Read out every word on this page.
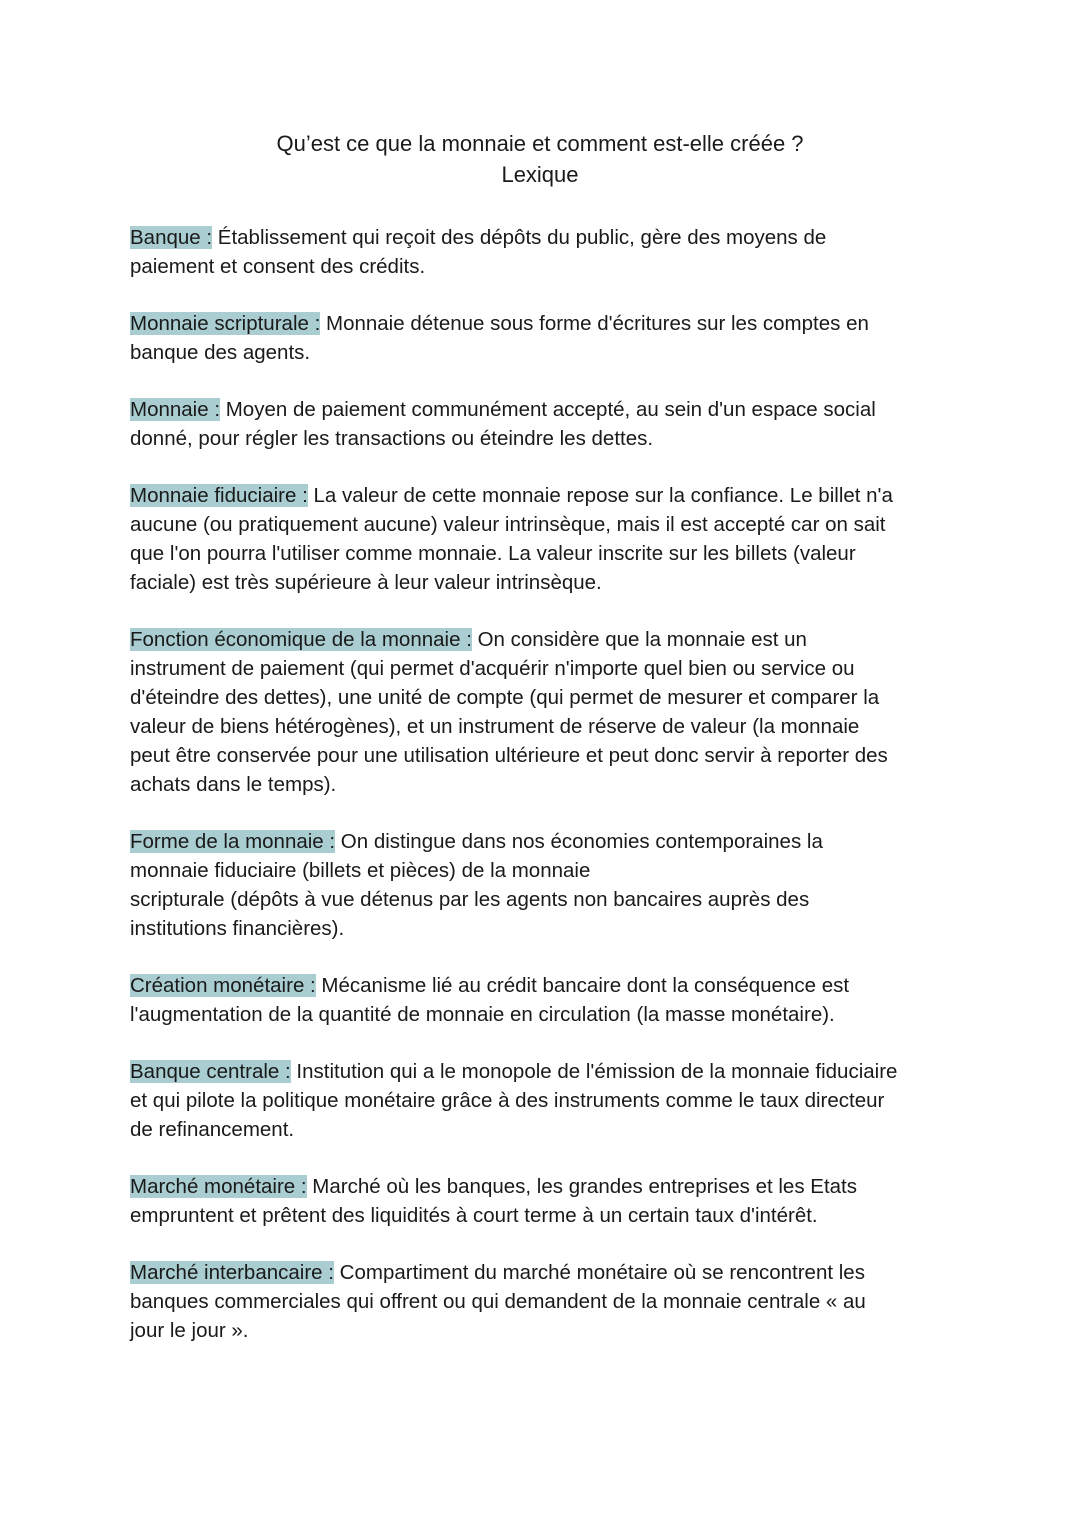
Qu’est ce que la monnaie et comment est-elle créée ?
Lexique

Banque : Établissement qui reçoit des dépôts du public, gère des moyens de
paiement et consent des crédits.

Monnaie scripturale : Monnaie détenue sous forme d'écritures sur les comptes en
banque des agents.

Monnaie : Moyen de paiement communément accepté, au sein d'un espace social
donné, pour régler les transactions ou éteindre les dettes.

Monnaie fiduciaire : La valeur de cette monnaie repose sur la confiance. Le billet n'a
aucune (ou pratiquement aucune) valeur intrinsèque, mais il est accepté car on sait
que l'on pourra l'utiliser comme monnaie. La valeur inscrite sur les billets (valeur
faciale) est très supérieure à leur valeur intrinsèque.

Fonction économique de la monnaie : On considère que la monnaie est un
instrument de paiement (qui permet d'acquérir n'importe quel bien ou service ou
d'éteindre des dettes), une unité de compte (qui permet de mesurer et comparer la
valeur de biens hétérogènes), et un instrument de réserve de valeur (la monnaie
peut être conservée pour une utilisation ultérieure et peut donc servir à reporter des
achats dans le temps).

Forme de la monnaie : On distingue dans nos économies contemporaines la
monnaie fiduciaire (billets et pièces) de la monnaie
scripturale (dépôts à vue détenus par les agents non bancaires auprès des
institutions financières).

Création monétaire : Mécanisme lié au crédit bancaire dont la conséquence est
l'augmentation de la quantité de monnaie en circulation (la masse monétaire).

Banque centrale : Institution qui a le monopole de l'émission de la monnaie fiduciaire
et qui pilote la politique monétaire grâce à des instruments comme le taux directeur
de refinancement.

Marché monétaire : Marché où les banques, les grandes entreprises et les Etats
empruntent et prêtent des liquidités à court terme à un certain taux d'intérêt.

Marché interbancaire : Compartiment du marché monétaire où se rencontrent les
banques commerciales qui offrent ou qui demandent de la monnaie centrale « au
jour le jour ».
